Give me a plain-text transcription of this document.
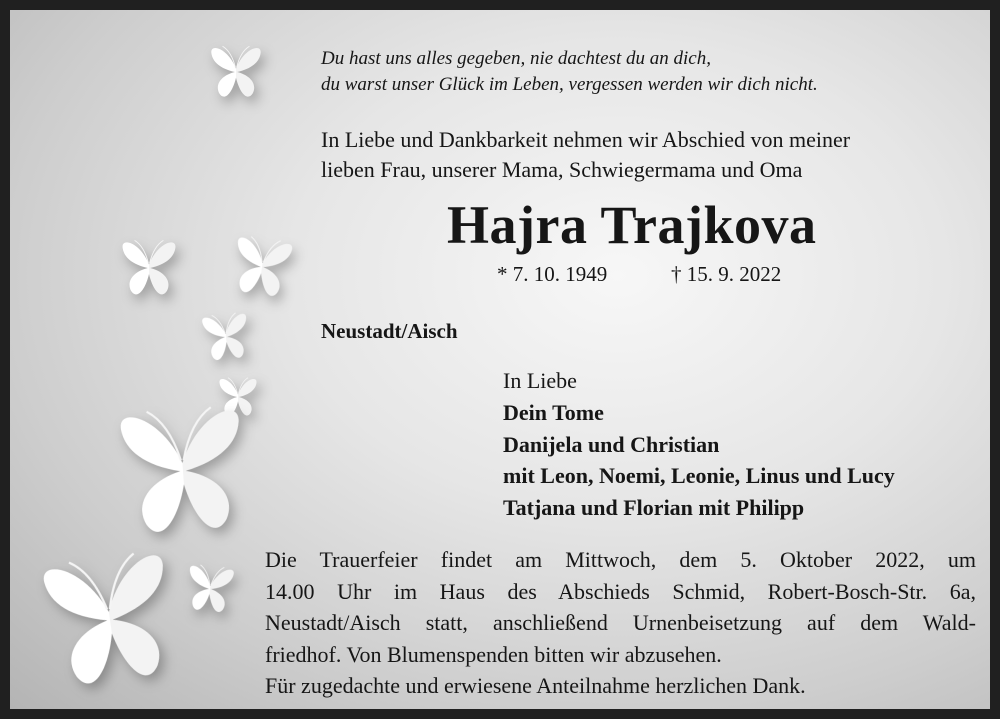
Du hast uns alles gegeben, nie dachtest du an dich,
du warst unser Glück im Leben, vergessen werden wir dich nicht.
In Liebe und Dankbarkeit nehmen wir Abschied von meiner
lieben Frau, unserer Mama, Schwiegermama und Oma
Hajra Trajkova
* 7. 10. 1949	† 15. 9. 2022
Neustadt/Aisch
In Liebe
Dein Tome
Danijela und Christian
mit Leon, Noemi, Leonie, Linus und Lucy
Tatjana und Florian mit Philipp
Die Trauerfeier findet am Mittwoch, dem 5. Oktober 2022, um
14.00 Uhr im Haus des Abschieds Schmid, Robert-Bosch-Str. 6a,
Neustadt/Aisch statt, anschließend Urnenbeisetzung auf dem Wald-
friedhof. Von Blumenspenden bitten wir abzusehen.
Für zugedachte und erwiesene Anteilnahme herzlichen Dank.
